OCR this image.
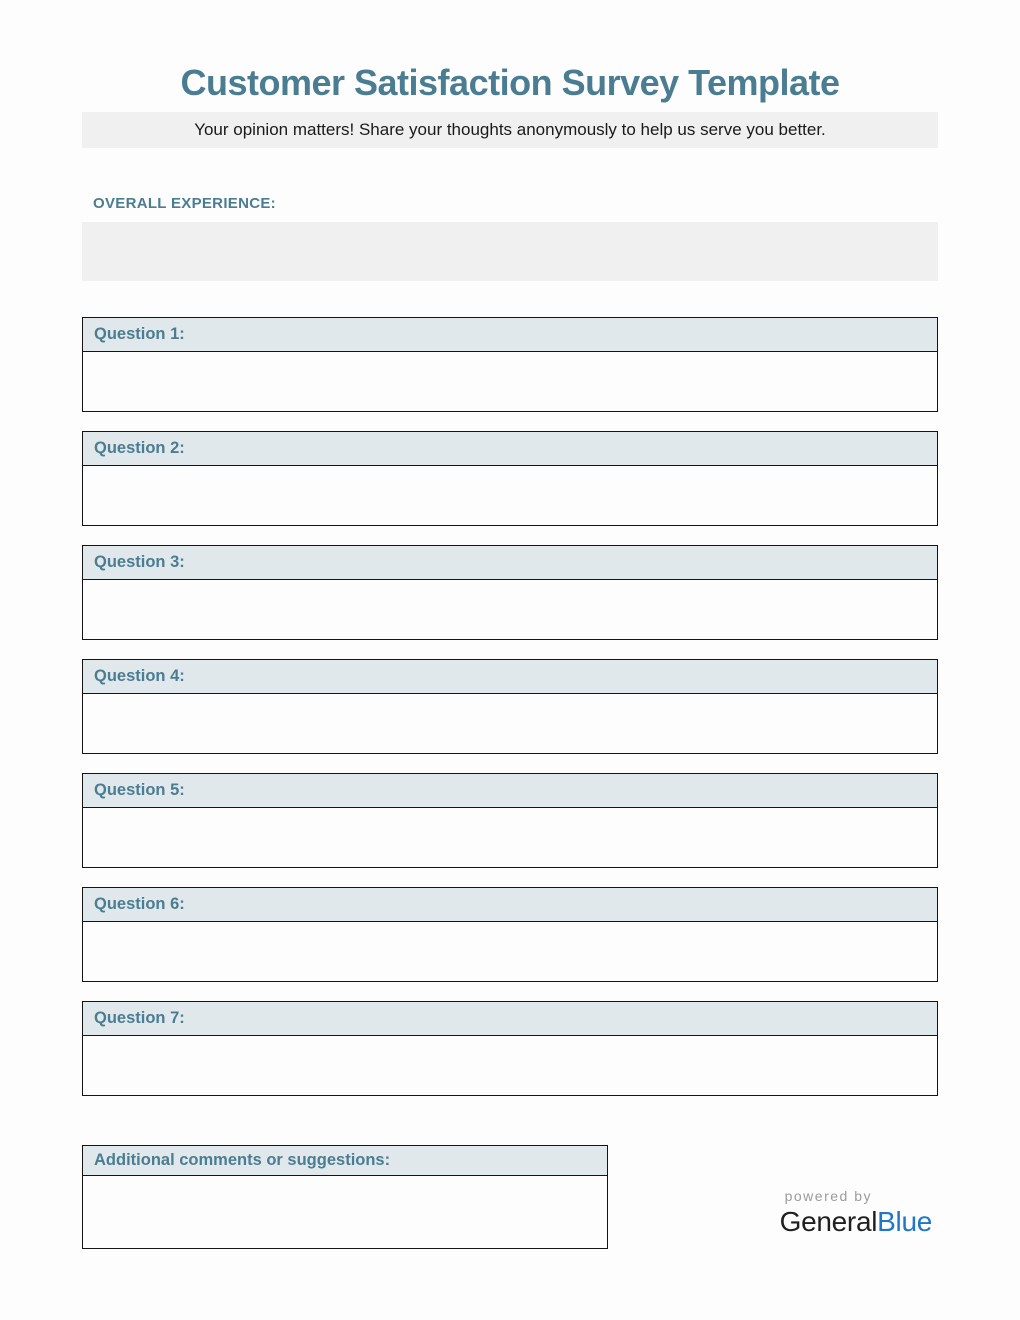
Customer Satisfaction Survey Template
Your opinion matters! Share your thoughts anonymously to help us serve you better.
OVERALL EXPERIENCE:
Question 1:
Question 2:
Question 3:
Question 4:
Question 5:
Question 6:
Question 7:
Additional comments or suggestions:
powered by
GeneralBlue
